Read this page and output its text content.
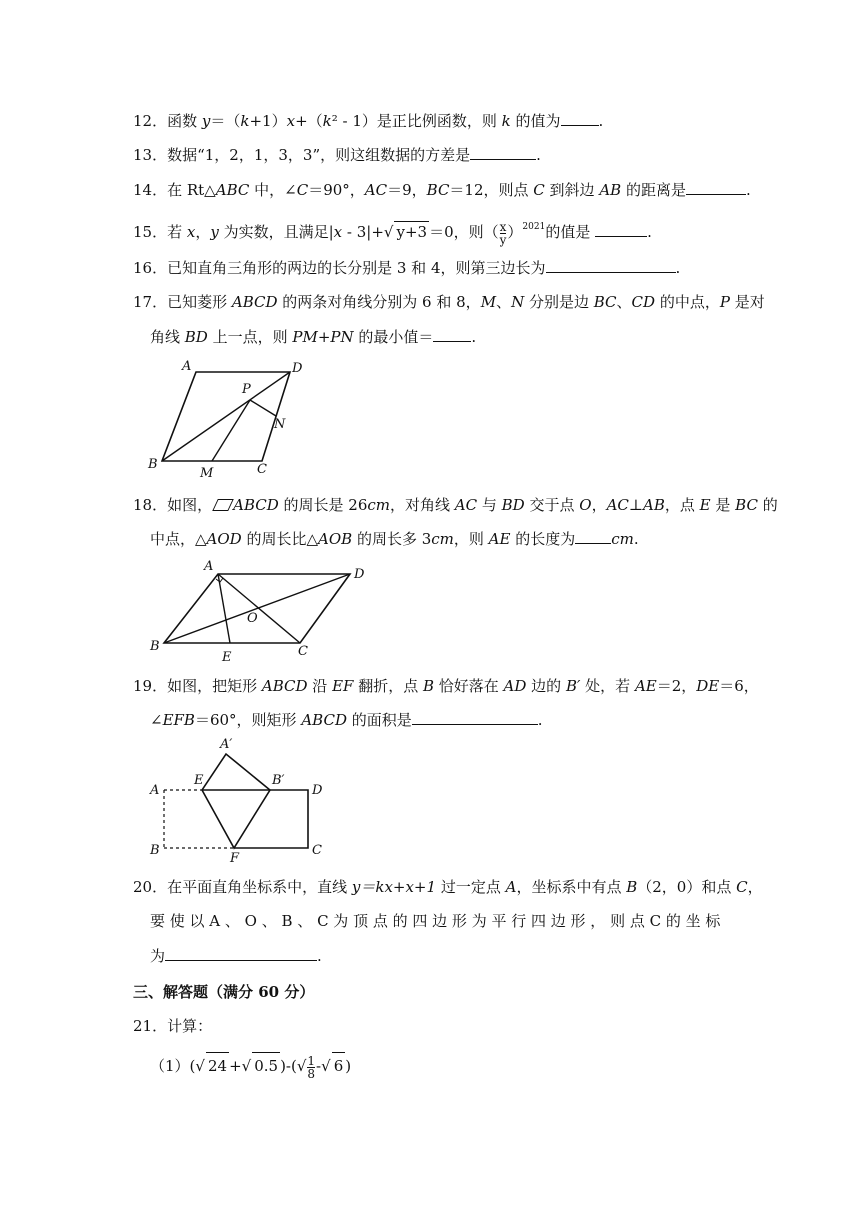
12．函数 y＝（k+1）x+（k² ‑ 1）是正比例函数，则 k 的值为	.
13．数据“1，2，1，3，3”，则这组数据的方差是	.
14．在 Rt△ABC 中，∠C＝90°，AC＝9，BC＝12，则点 C 到斜边 AB 的距离是	.
15．若 x，y 为实数，且满足|x ‑ 3|+√ y+3 ＝0，则（ $\frac{x}{y} )^{2021}$的值是	.
16．已知直角三角形的两边的长分别是 3 和 4，则第三边长为	.
17．已知菱形 ABCD 的两条对角线分别为 6 和 8，M、N 分别是边 BC、CD 的中点，P 是对
角线 BD 上一点，则 PM+PN 的最小值＝	.
A	D
P
N
B
M	C
18．如图， ABCD 的周长是 26cm，对角线 AC 与 BD 交于点 O，AC⊥AB，点 E 是 BC 的
中点，△AOD 的周长比△AOB 的周长多 3cm，则 AE 的长度为 cm.
A
D
O
B
E	C
19．如图，把矩形 ABCD 沿 EF 翻折，点 B 恰好落在 AD 边的 B′ 处，若 AE＝2，DE＝6，
∠EFB＝60°，则矩形 ABCD 的面积是	.
A′
E	B′
A	D
B
F
C
20．在平面直角坐标系中，直线 y＝kx+x+1 过一定点 A，坐标系中有点 B（2，0）和点 C，
要 使 以 A 、 O 、 B 、 C 为 顶 点 的 四 边 形 为 平 行 四 边 形 ， 则 点 C 的 坐 标
为	.
三、解答题（满分 60 分）
21．计算：
（1）(√ 24 +√ 0.5 )-(√ $\frac{1}{8}$ -√ 6 )
